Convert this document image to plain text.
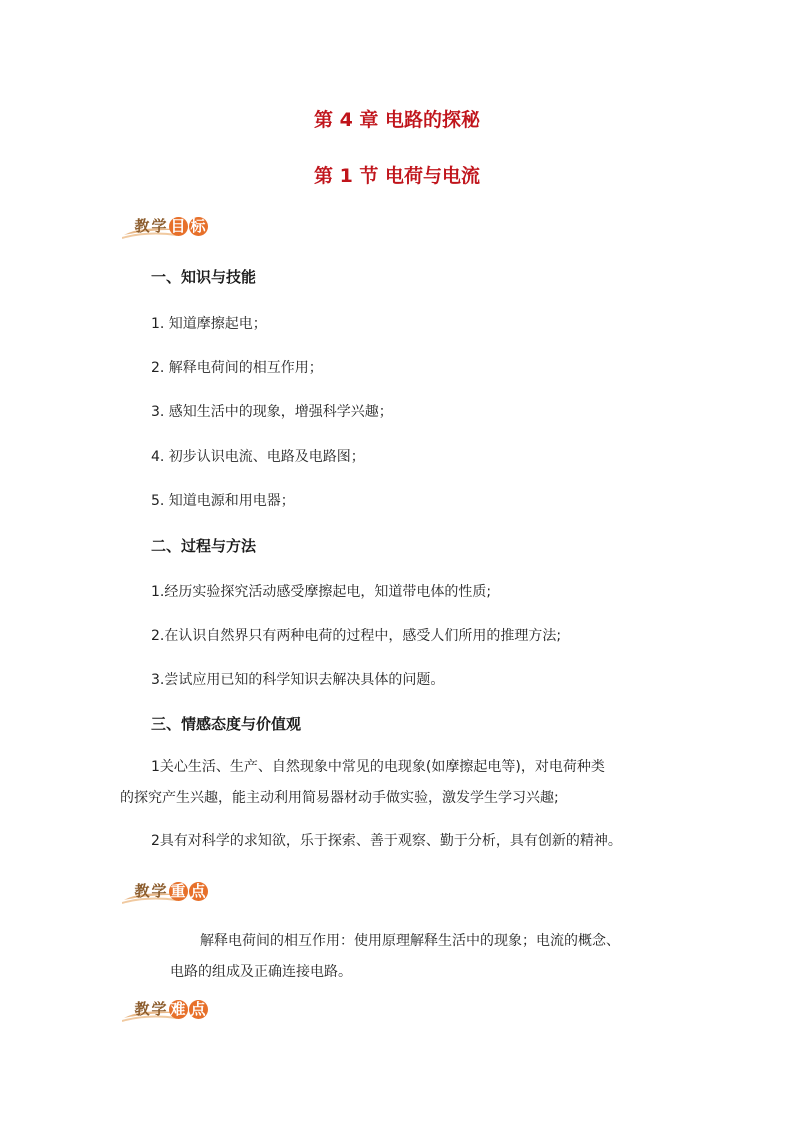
第 4 章 电路的探秘
第 1 节 电荷与电流
教 学 目 标

一、知识与技能

1. 知道摩擦起电；

2. 解释电荷间的相互作用；

3. 感知生活中的现象，增强科学兴趣；

4. 初步认识电流、电路及电路图；

5. 知道电源和用电器；

二、过程与方法

1.经历实验探究活动感受摩擦起电，知道带电体的性质;

2.在认识自然界只有两种电荷的过程中，感受人们所用的推理方法;

3.尝试应用已知的科学知识去解决具体的问题。

三、情感态度与价值观

1关心生活、生产、自然现象中常见的电现象(如摩擦起电等)，对电荷种类

的探究产生兴趣，能主动利用简易器材动手做实验，激发学生学习兴趣;

2具有对科学的求知欲，乐于探索、善于观察、勤于分析，具有创新的精神。

教 学 重 点

解释电荷间的相互作用：使用原理解释生活中的现象；电流的概念、

电路的组成及正确连接电路。

教 学 难 点
